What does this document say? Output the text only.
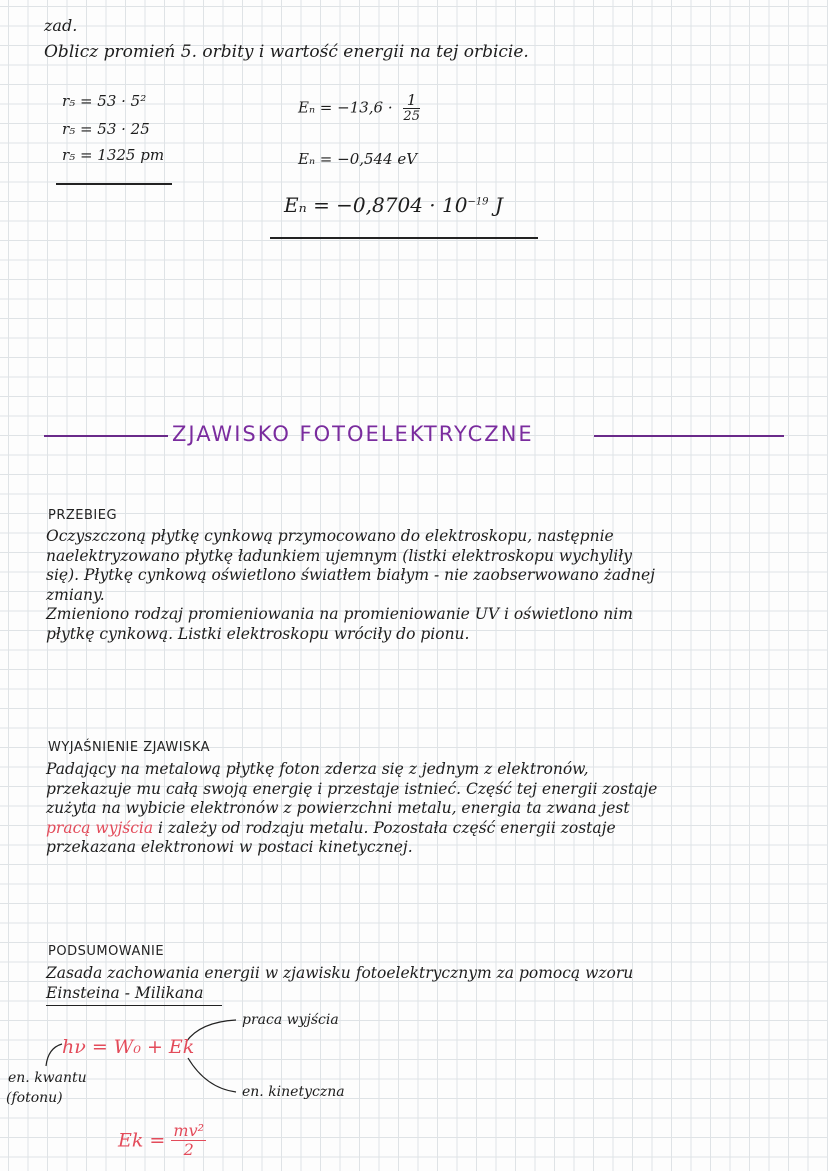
zad.
Oblicz promień 5. orbity i wartość energii na tej orbicie.
r₅ = 53 · 5²
r₅ = 53 · 25
r₅ = 1325 pm
$E_n = -13,6 \cdot \frac{1}{25}$
Eₙ = −0,544 eV
$E_n = -0,8704 \cdot 10^{-19}$ J
ZJAWISKO FOTOELEKTRYCZNE
PRZEBIEG
Oczyszczoną płytkę cynkową przymocowano do elektroskopu, następnie
naelektryzowano płytkę ładunkiem ujemnym (listki elektroskopu wychyliły
się). Płytkę cynkową oświetlono światłem białym - nie zaobserwowano żadnej
zmiany.
Zmieniono rodzaj promieniowania na promieniowanie UV i oświetlono nim
płytkę cynkową. Listki elektroskopu wróciły do pionu.
WYJAŚNIENIE ZJAWISKA
Padający na metalową płytkę foton zderza się z jednym z elektronów,
przekazuje mu całą swoją energię i przestaje istnieć. Część tej energii zostaje
zużyta na wybicie elektronów z powierzchni metalu, energia ta zwana jest
pracą wyjścia i zależy od rodzaju metalu. Pozostała część energii zostaje
przekazana elektronowi w postaci kinetycznej.
PODSUMOWANIE
Zasada zachowania energii w zjawisku fotoelektrycznym za pomocą wzoru
Einsteina - Milikana
hν = W₀ + Ek
praca wyjścia
en. kinetyczna
en. kwantu
(fotonu)
$Ek = \frac{\text{mv²}}{2}$
